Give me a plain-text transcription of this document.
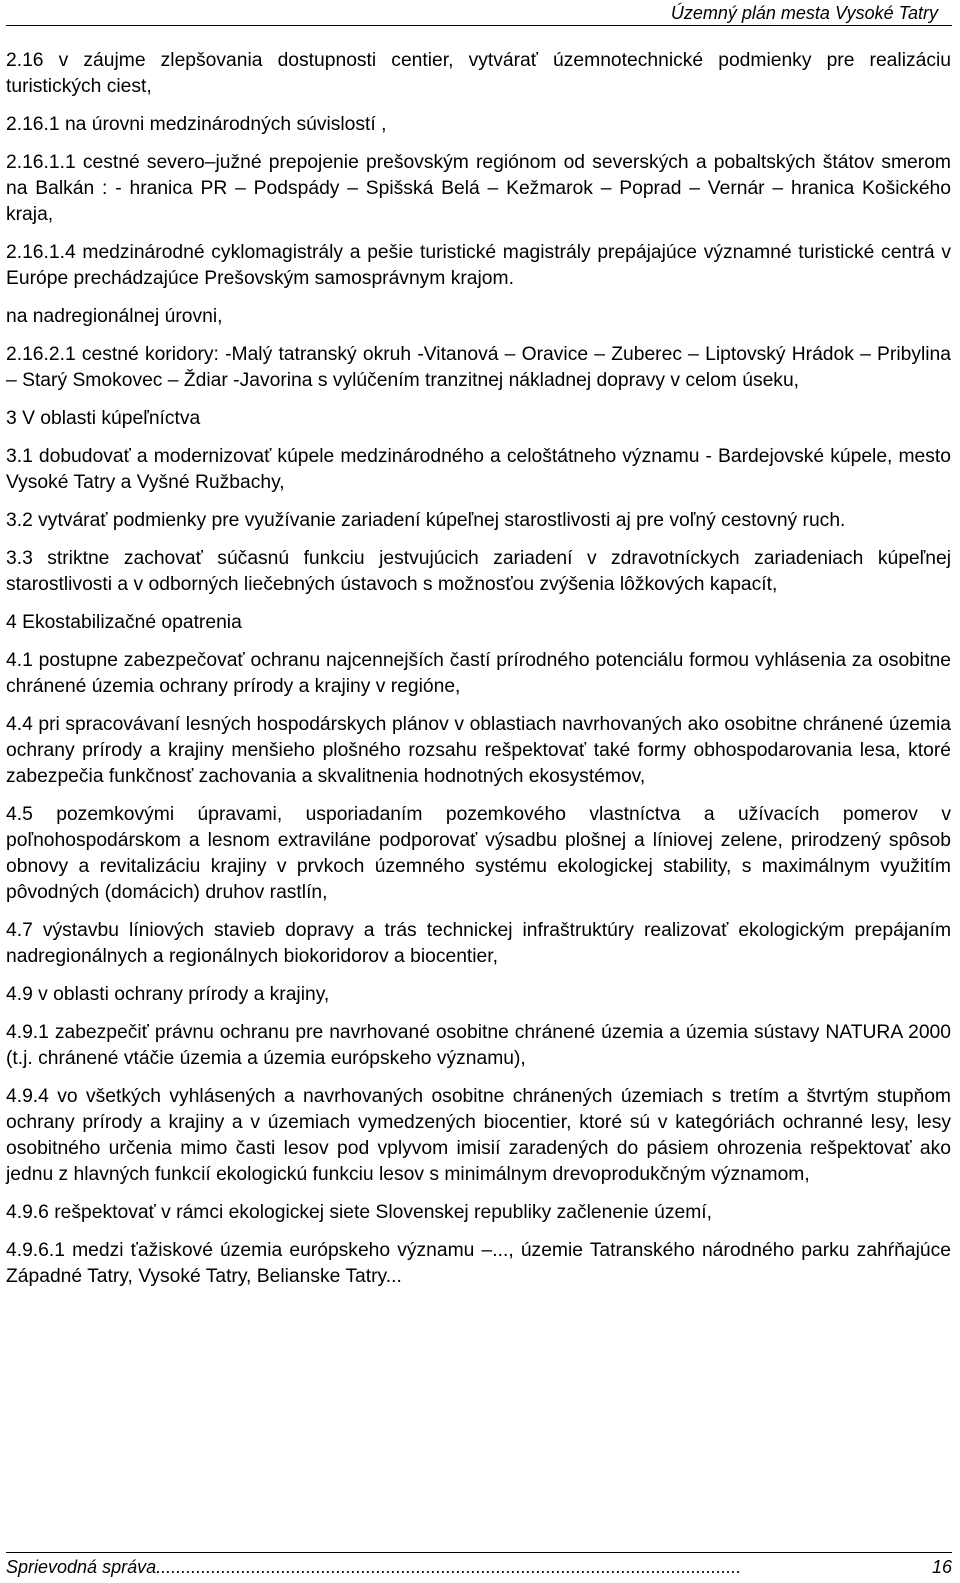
Územný plán mesta Vysoké Tatry

2.16 v záujme zlepšovania dostupnosti centier, vytvárať územnotechnické podmienky pre realizáciu turistických ciest,

2.16.1 na úrovni medzinárodných súvislostí ,

2.16.1.1 cestné severo–južné prepojenie prešovským regiónom od severských a pobaltských štátov smerom na Balkán : - hranica PR – Podspády – Spišská Belá – Kežmarok – Poprad – Vernár – hranica Košického kraja,

2.16.1.4 medzinárodné cyklomagistrály a pešie turistické magistrály prepájajúce významné turistické centrá v Európe prechádzajúce Prešovským samosprávnym krajom.

na nadregionálnej úrovni,

2.16.2.1 cestné koridory: -Malý tatranský okruh -Vitanová – Oravice – Zuberec – Liptovský Hrádok – Pribylina – Starý Smokovec – Ždiar -Javorina s vylúčením tranzitnej nákladnej dopravy v celom úseku,

3 V oblasti kúpeľníctva

3.1 dobudovať a modernizovať kúpele medzinárodného a celoštátneho významu - Bardejovské kúpele, mesto Vysoké Tatry a Vyšné Ružbachy,

3.2 vytvárať podmienky pre využívanie zariadení kúpeľnej starostlivosti aj pre voľný cestovný ruch.

3.3 striktne zachovať súčasnú funkciu jestvujúcich zariadení v zdravotníckych zariadeniach kúpeľnej starostlivosti a v odborných liečebných ústavoch s možnosťou zvýšenia lôžkových kapacít,

4 Ekostabilizačné opatrenia

4.1 postupne zabezpečovať ochranu najcennejších častí prírodného potenciálu formou vyhlásenia za osobitne chránené územia ochrany prírody a krajiny v regióne,

4.4 pri spracovávaní lesných hospodárskych plánov v oblastiach navrhovaných ako osobitne chránené územia ochrany prírody a krajiny menšieho plošného rozsahu rešpektovať také formy obhospodarovania lesa, ktoré zabezpečia funkčnosť zachovania a skvalitnenia hodnotných ekosystémov,

4.5 pozemkovými úpravami, usporiadaním pozemkového vlastníctva a užívacích pomerov v poľnohospodárskom a lesnom extraviláne podporovať výsadbu plošnej a líniovej zelene, prirodzený spôsob obnovy a revitalizáciu krajiny v prvkoch územného systému ekologickej stability, s maximálnym využitím pôvodných (domácich) druhov rastlín,

4.7 výstavbu líniových stavieb dopravy a trás technickej infraštruktúry realizovať ekologickým prepájaním nadregionálnych a regionálnych biokoridorov a biocentier,

4.9 v oblasti ochrany prírody a krajiny,

4.9.1 zabezpečiť právnu ochranu pre navrhované osobitne chránené územia a územia sústavy NATURA 2000 (t.j. chránené vtáčie územia a územia európskeho významu),

4.9.4 vo všetkých vyhlásených a navrhovaných osobitne chránených územiach s tretím a štvrtým stupňom ochrany prírody a krajiny a v územiach vymedzených biocentier, ktoré sú v kategóriách ochranné lesy, lesy osobitného určenia mimo časti lesov pod vplyvom imisií zaradených do pásiem ohrozenia rešpektovať ako jednu z hlavných funkcií ekologickú funkciu lesov s minimálnym drevoprodukčným významom,

4.9.6 rešpektovať v rámci ekologickej siete Slovenskej republiky začlenenie území,

4.9.6.1 medzi ťažiskové územia európskeho významu –..., územie Tatranského národného parku zahŕňajúce Západné Tatry, Vysoké Tatry, Belianske Tatry...

Sprievodná správa.....................................................................................................................	16
